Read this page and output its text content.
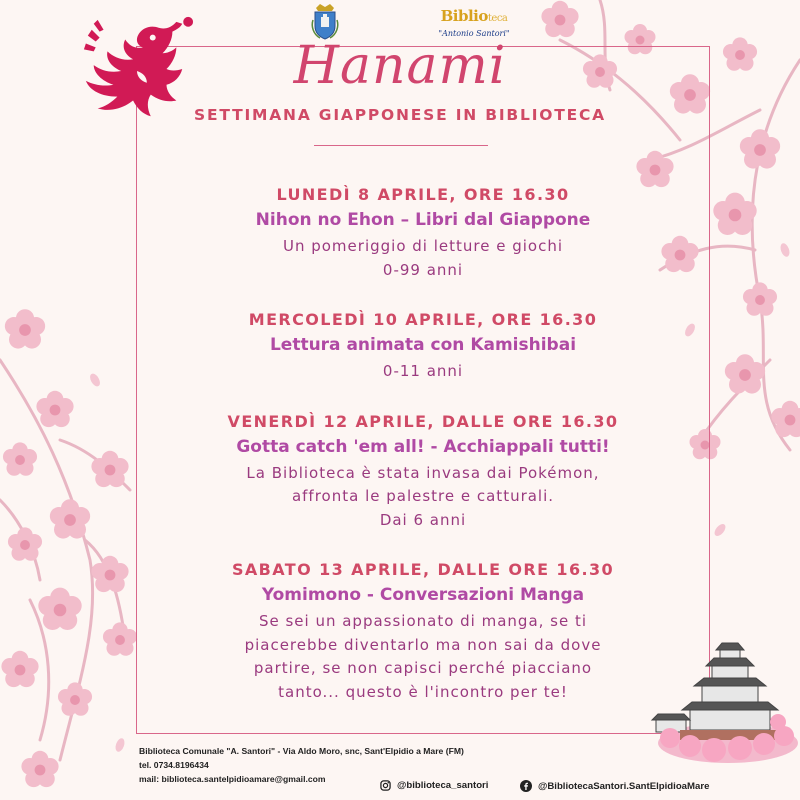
Biblioteca
"Antonio Santori"
Hanami
SETTIMANA GIAPPONESE IN BIBLIOTECA
LUNEDÌ 8 APRILE, ORE 16.30
Nihon no Ehon – Libri dal Giappone
Un pomeriggio di letture e giochi
0-99 anni
MERCOLEDÌ 10 APRILE, ORE 16.30
Lettura animata con Kamishibai
0-11 anni
VENERDÌ 12 APRILE, DALLE ORE 16.30
Gotta catch 'em all! - Acchiappali tutti!
La Biblioteca è stata invasa dai Pokémon,
affronta le palestre e catturali.
Dai 6 anni
SABATO 13 APRILE, DALLE ORE 16.30
Yomimono - Conversazioni Manga
Se sei un appassionato di manga, se ti
piacerebbe diventarlo ma non sai da dove
partire, se non capisci perché piacciano
tanto... questo è l'incontro per te!
Biblioteca Comunale "A. Santori" - Via Aldo Moro, snc, Sant'Elpidio a Mare (FM)
tel. 0734.8196434
mail: biblioteca.santelpidioamare@gmail.com
@biblioteca_santori	@BibliotecaSantori.SantElpidioaMare
